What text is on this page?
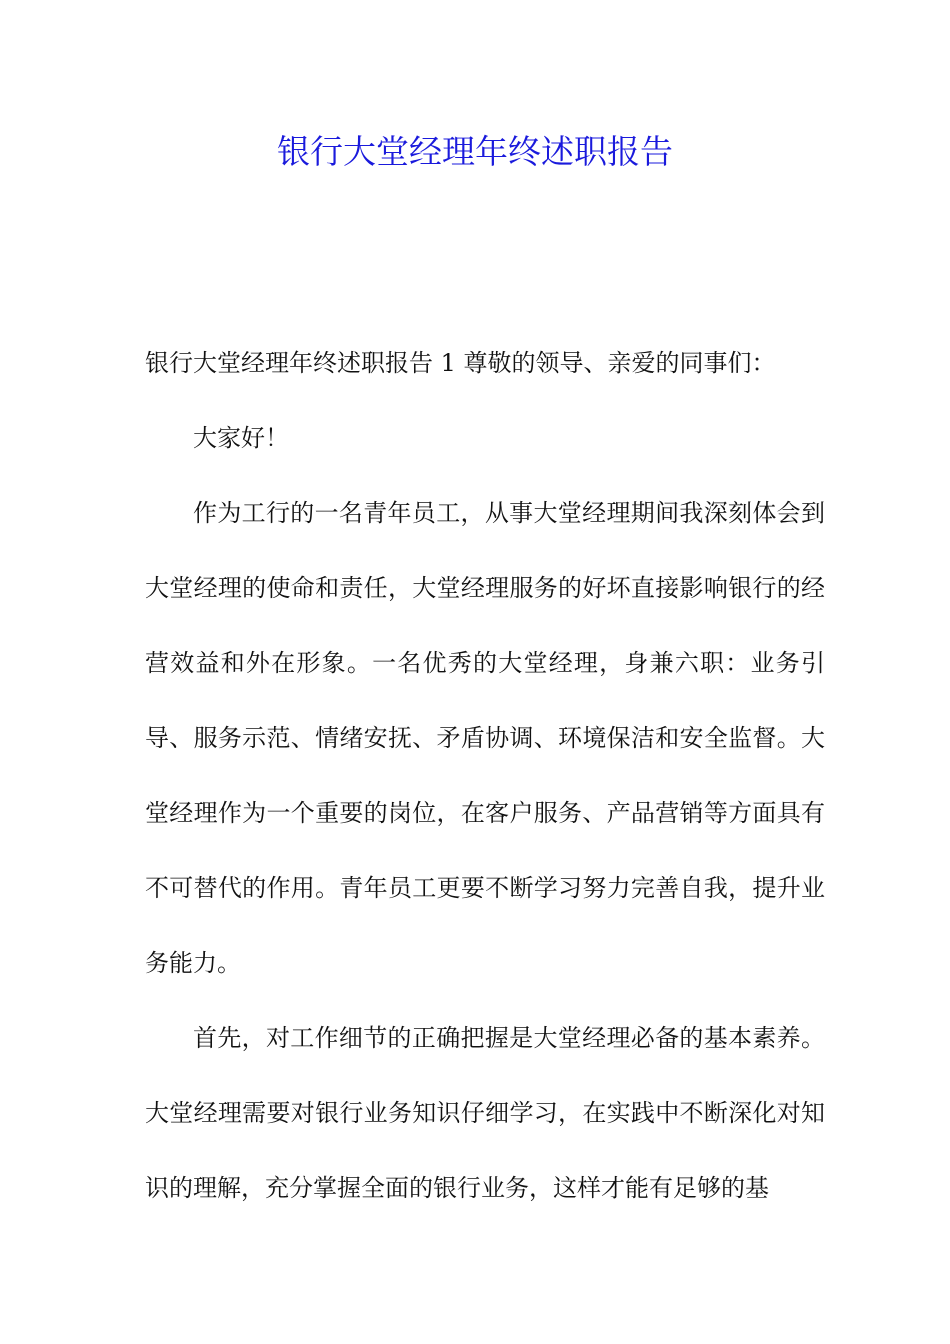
银行大堂经理年终述职报告

银行大堂经理年终述职报告 1 尊敬的领导、亲爱的同事们：

大家好！

作为工行的一名青年员工，从事大堂经理期间我深刻体会到大堂经理的使命和责任，大堂经理服务的好坏直接影响银行的经营效益和外在形象。一名优秀的大堂经理，身兼六职：业务引导、服务示范、情绪安抚、矛盾协调、环境保洁和安全监督。大堂经理作为一个重要的岗位，在客户服务、产品营销等方面具有不可替代的作用。青年员工更要不断学习努力完善自我，提升业务能力。

首先，对工作细节的正确把握是大堂经理必备的基本素养。大堂经理需要对银行业务知识仔细学习，在实践中不断深化对知识的理解，充分掌握全面的银行业务，这样才能有足够的基
